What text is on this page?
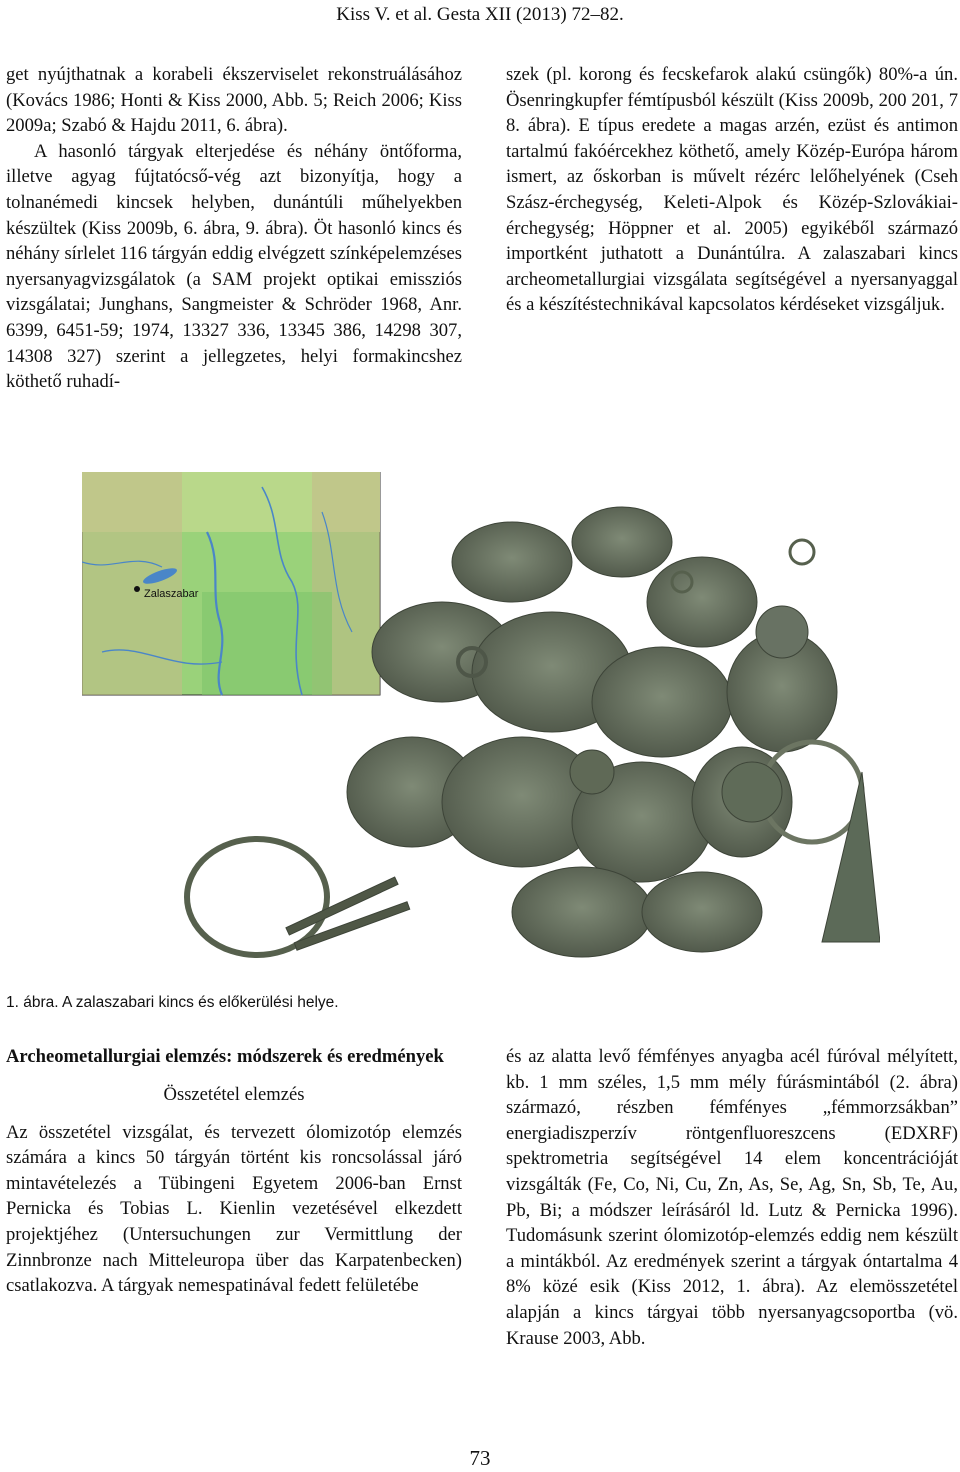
Kiss V. et al. Gesta XII (2013) 72–82.

get nyújthatnak a korabeli ékszerviselet rekonstruálásához (Kovács 1986; Honti & Kiss 2000, Abb. 5; Reich 2006; Kiss 2009a; Szabó & Hajdu 2011, 6. ábra).

A hasonló tárgyak elterjedése és néhány öntőforma, illetve agyag fújtatócső-vég azt bizonyítja, hogy a tolnanémedi kincsek helyben, dunántúli műhelyekben készültek (Kiss 2009b, 6. ábra, 9. ábra). Öt hasonló kincs és néhány sírlelet 116 tárgyán eddig elvégzett színképelemzéses nyersanyagvizsgálatok (a SAM projekt optikai emissziós vizsgálatai; Junghans, Sangmeister & Schröder 1968, Anr. 6399, 6451-59; 1974, 13327 336, 13345 386, 14298 307, 14308 327) szerint a jellegzetes, helyi formakincshez köthető ruhadí-

szek (pl. korong és fecskefarok alakú csüngők) 80%-a ún. Ösenringkupfer fémtípusból készült (Kiss 2009b, 200 201, 7 8. ábra). E típus eredete a magas arzén, ezüst és antimon tartalmú fakóércekhez köthető, amely Közép-Európa három ismert, az őskorban is művelt rézérc lelőhelyének (Cseh Szász-érchegység, Keleti-Alpok és Közép-Szlovákiai-érchegység; Höppner et al. 2005) egyikéből származó importként juthatott a Dunántúlra. A zalaszabari kincs archeometallurgiai vizsgálata segítségével a nyersanyaggal és a készítéstechnikával kapcsolatos kérdéseket vizsgáljuk.

Zalaszabar
1. ábra. A zalaszabari kincs és előkerülési helye.

Archeometallurgiai elemzés: módszerek és eredmények

Összetétel elemzés

Az összetétel vizsgálat, és tervezett ólomizotóp elemzés számára a kincs 50 tárgyán történt kis roncsolással járó mintavételezés a Tübingeni Egyetem 2006-ban Ernst Pernicka és Tobias L. Kienlin vezetésével elkezdett projektjéhez (Untersuchungen zur Vermittlung der Zinnbronze nach Mitteleuropa über das Karpatenbecken) csatlakozva. A tárgyak nemespatinával fedett felületébe

és az alatta levő fémfényes anyagba acél fúróval mélyített, kb. 1 mm széles, 1,5 mm mély fúrásmintából (2. ábra) származó, részben fémfényes „fémmorzsákban” energiadiszperzív röntgenfluoreszcens (EDXRF) spektrometria segítségével 14 elem koncentrációját vizsgálták (Fe, Co, Ni, Cu, Zn, As, Se, Ag, Sn, Sb, Te, Au, Pb, Bi; a módszer leírásáról ld. Lutz & Pernicka 1996). Tudomásunk szerint ólomizotóp-elemzés eddig nem készült a mintákból. Az eredmények szerint a tárgyak óntartalma 4 8% közé esik (Kiss 2012, 1. ábra). Az elemösszetétel alapján a kincs tárgyai több nyersanyagcsoportba (vö. Krause 2003, Abb.

73
